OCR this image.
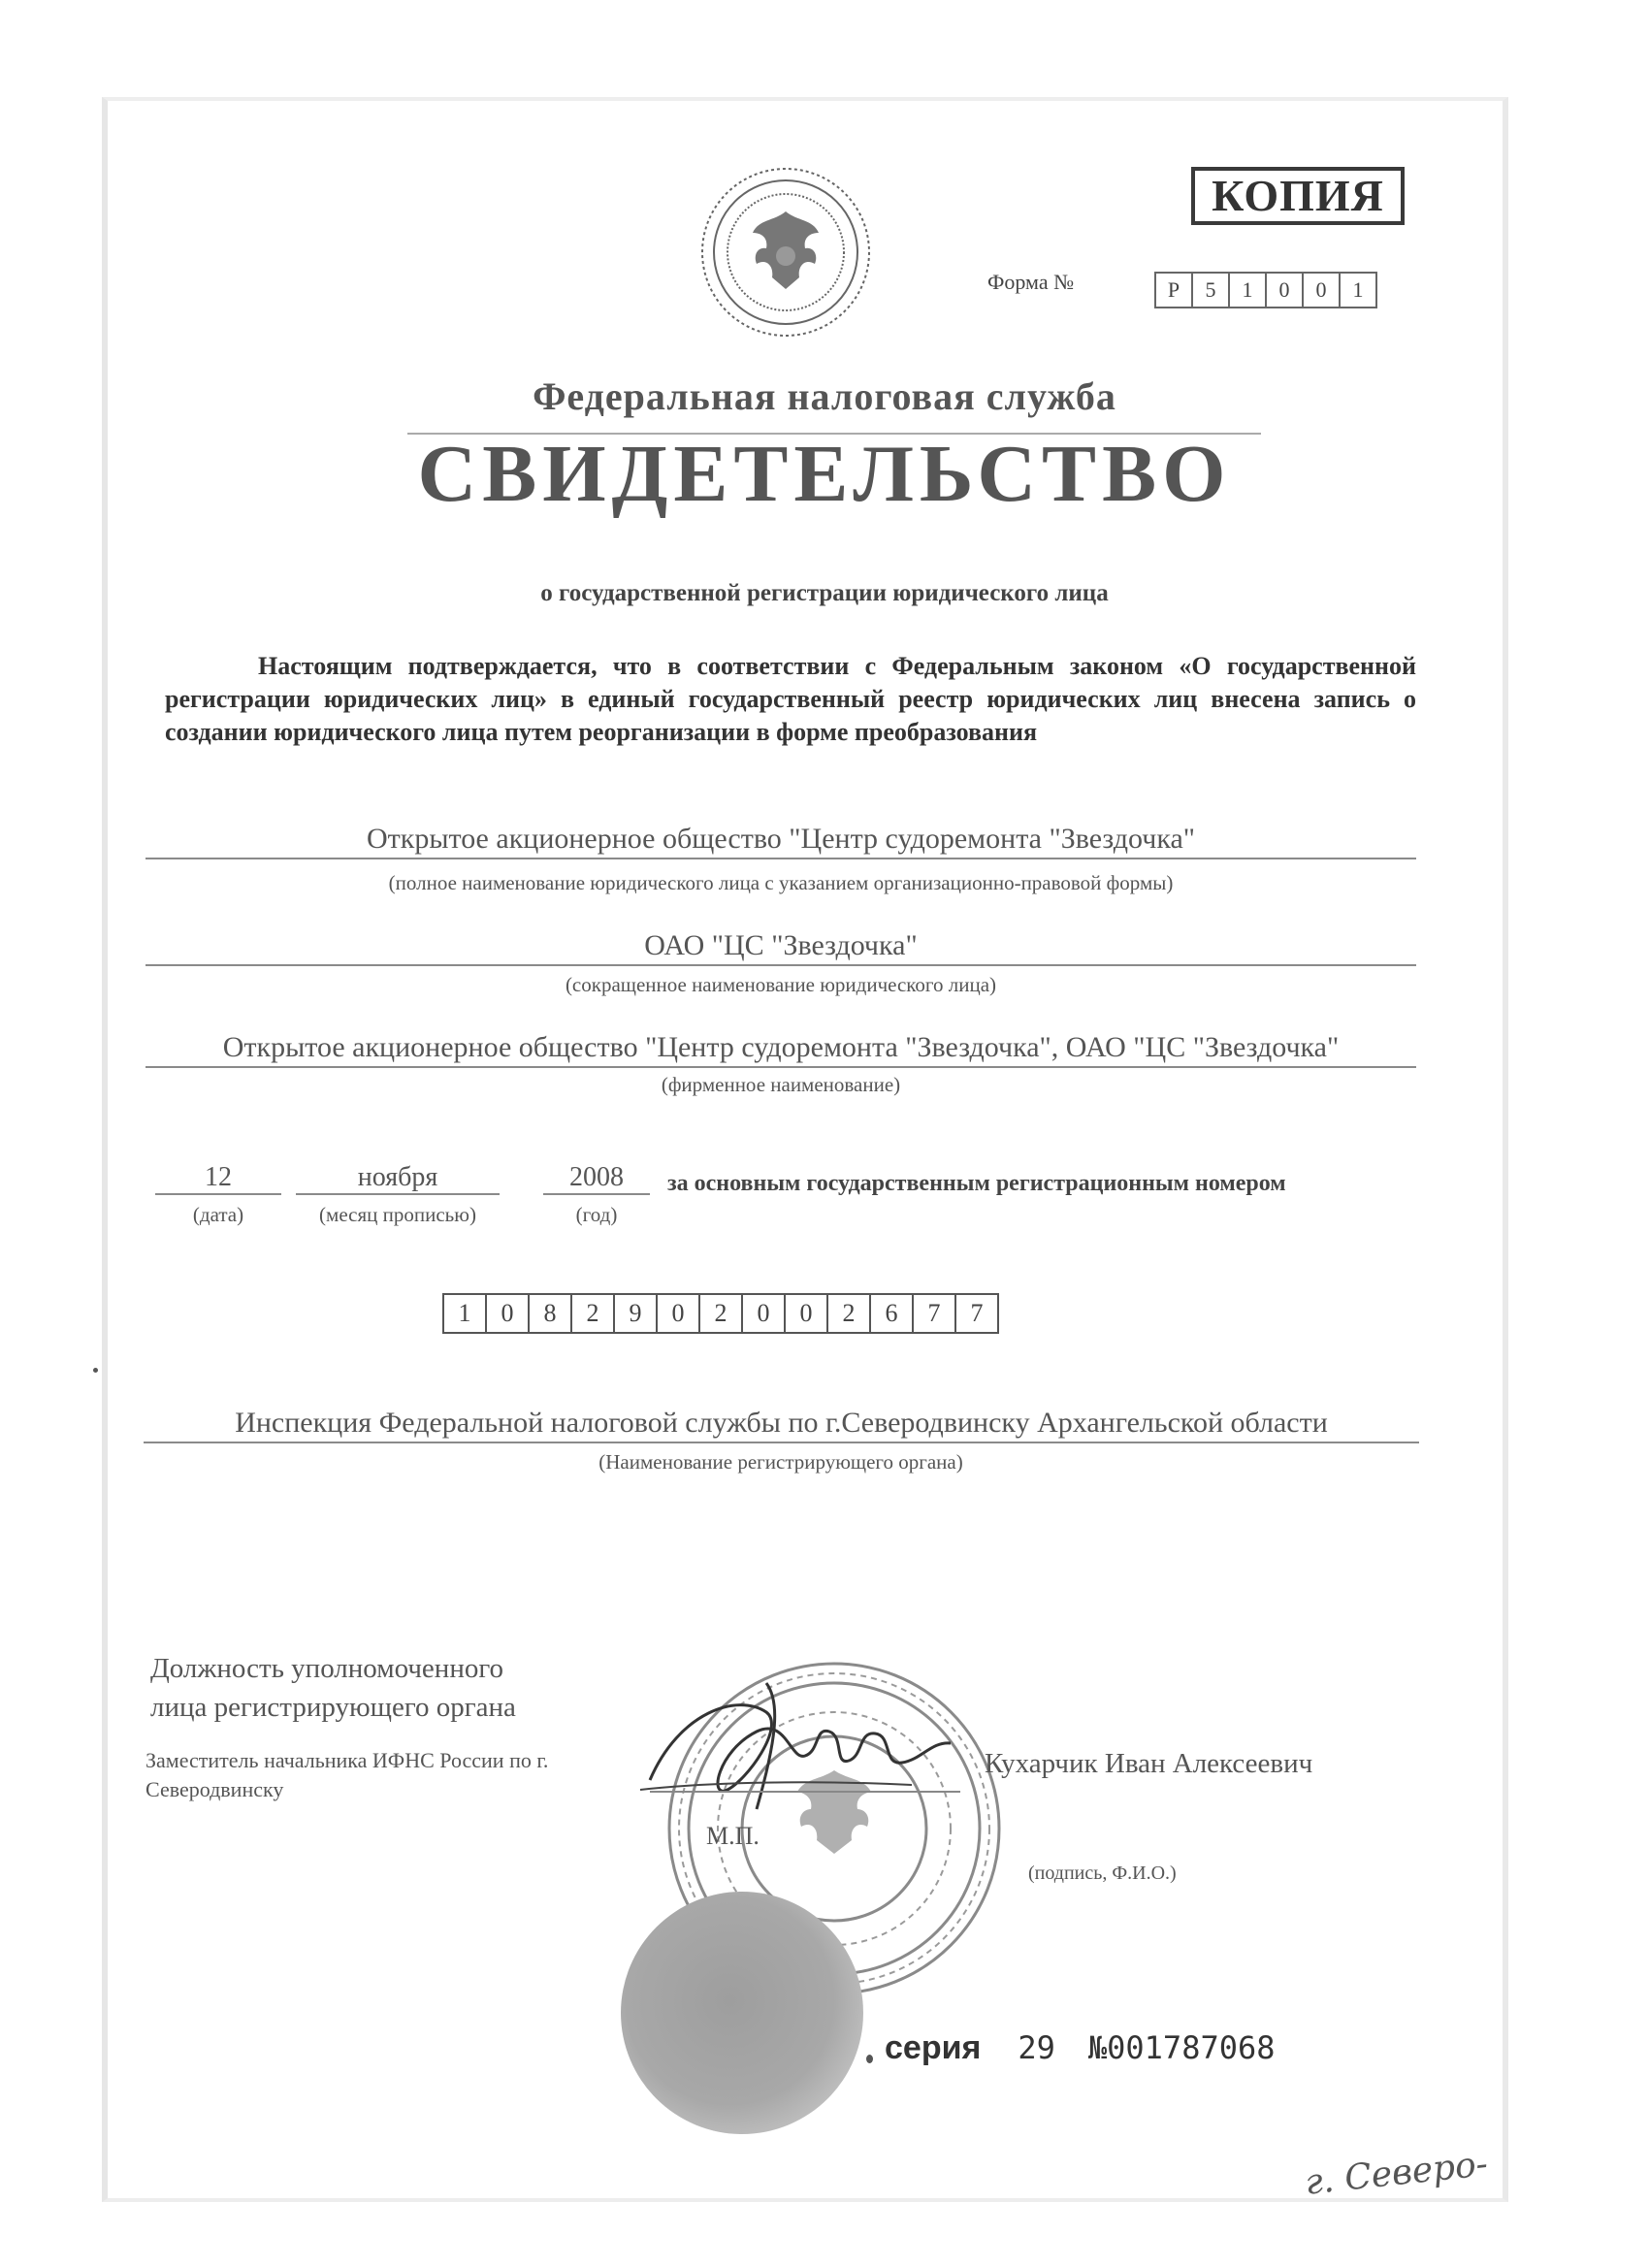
КОПИЯ
Форма №	Р	5	1	0	0	1
Федеральная налоговая служба
СВИДЕТЕЛЬСТВО
о государственной регистрации юридического лица
Настоящим подтверждается, что в соответствии с Федеральным законом «О государственной регистрации юридических лиц» в единый государственный реестр юридических лиц внесена запись о создании юридического лица путем реорганизации в форме преобразования
Открытое акционерное общество "Центр судоремонта "Звездочка"
(полное наименование юридического лица с указанием организационно-правовой формы)
ОАО "ЦС "Звездочка"
(сокращенное наименование юридического лица)
Открытое акционерное общество "Центр судоремонта "Звездочка", ОАО "ЦС "Звездочка"
(фирменное наименование)
12
(дата)
ноября
(месяц прописью)
2008
(год)
за основным государственным регистрационным номером
1	0	8	2	9	0	2	0	0	2	6	7	7
Инспекция Федеральной налоговой службы по г.Северодвинску Архангельской области
(Наименование регистрирующего органа)
Должность уполномоченного
лица регистрирующего органа
Заместитель начальника ИФНС России по г.
Северодвинску
Кухарчик Иван Алексеевич
М.П.
(подпись, Ф.И.О.)
серия 29 №001787068
г. Северо-
